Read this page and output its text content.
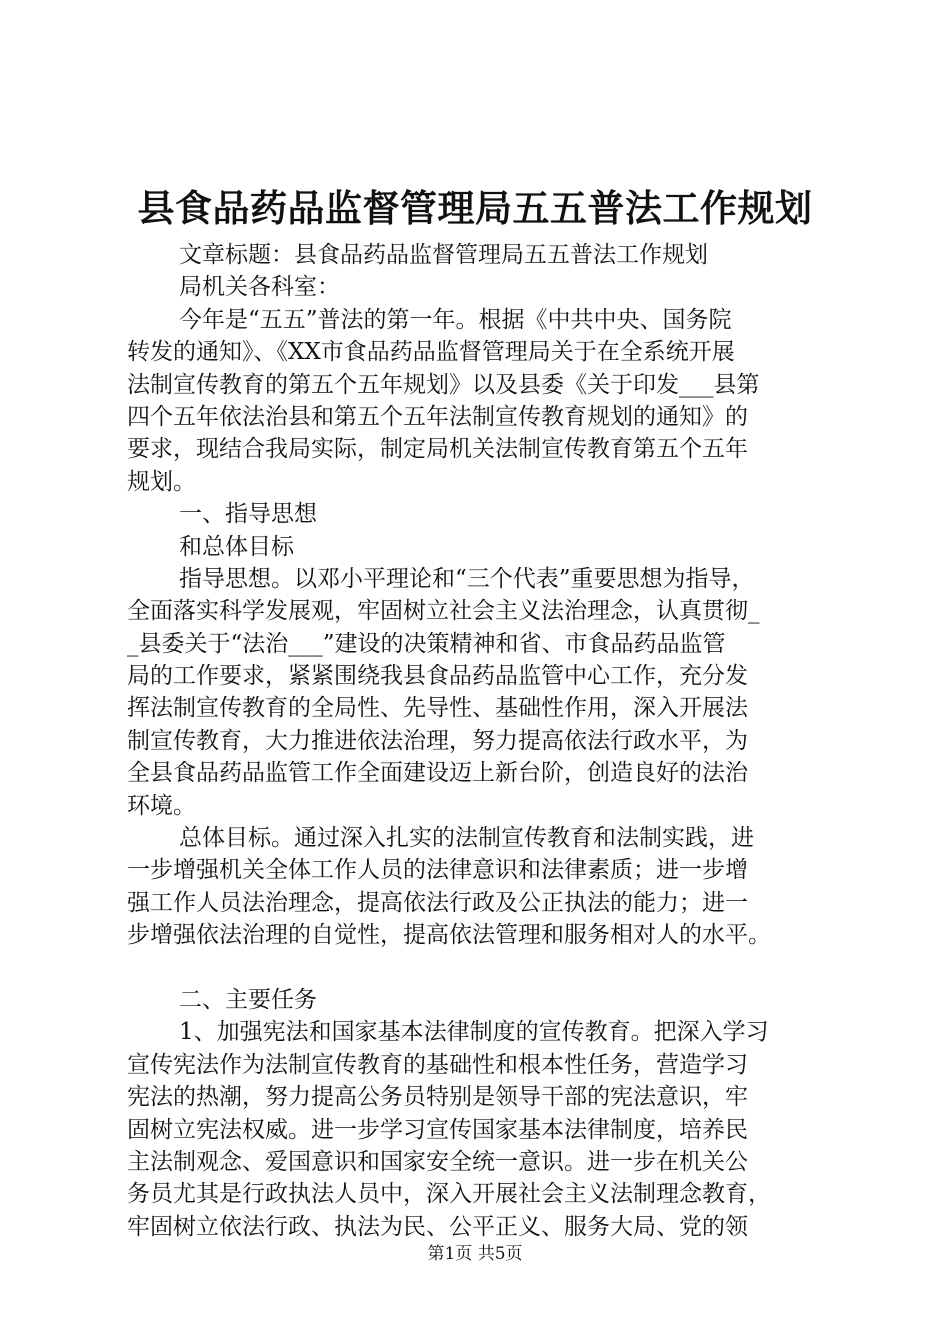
县食品药品监督管理局五五普法工作规划
文章标题：县食品药品监督管理局五五普法工作规划
局机关各科室：
今年是“五五”普法的第一年。根据《中共中央、国务院
转发的通知》、《XX市食品药品监督管理局关于在全系统开展
法制宣传教育的第五个五年规划》以及县委《关于印发___县第
四个五年依法治县和第五个五年法制宣传教育规划的通知》的
要求，现结合我局实际，制定局机关法制宣传教育第五个五年
规划。
一、指导思想
和总体目标
指导思想。以邓小平理论和“三个代表”重要思想为指导，
全面落实科学发展观，牢固树立社会主义法治理念，认真贯彻_
_县委关于“法治___”建设的决策精神和省、市食品药品监管
局的工作要求，紧紧围绕我县食品药品监管中心工作，充分发
挥法制宣传教育的全局性、先导性、基础性作用，深入开展法
制宣传教育，大力推进依法治理，努力提高依法行政水平，为
全县食品药品监管工作全面建设迈上新台阶，创造良好的法治
环境。
总体目标。通过深入扎实的法制宣传教育和法制实践，进
一步增强机关全体工作人员的法律意识和法律素质；进一步增
强工作人员法治理念，提高依法行政及公正执法的能力；进一
步增强依法治理的自觉性，提高依法管理和服务相对人的水平。
二、主要任务
1、加强宪法和国家基本法律制度的宣传教育。把深入学习
宣传宪法作为法制宣传教育的基础性和根本性任务，营造学习
宪法的热潮，努力提高公务员特别是领导干部的宪法意识，牢
固树立宪法权威。进一步学习宣传国家基本法律制度，培养民
主法制观念、爱国意识和国家安全统一意识。进一步在机关公
务员尤其是行政执法人员中，深入开展社会主义法制理念教育，
牢固树立依法行政、执法为民、公平正义、服务大局、党的领
第1页 共5页
